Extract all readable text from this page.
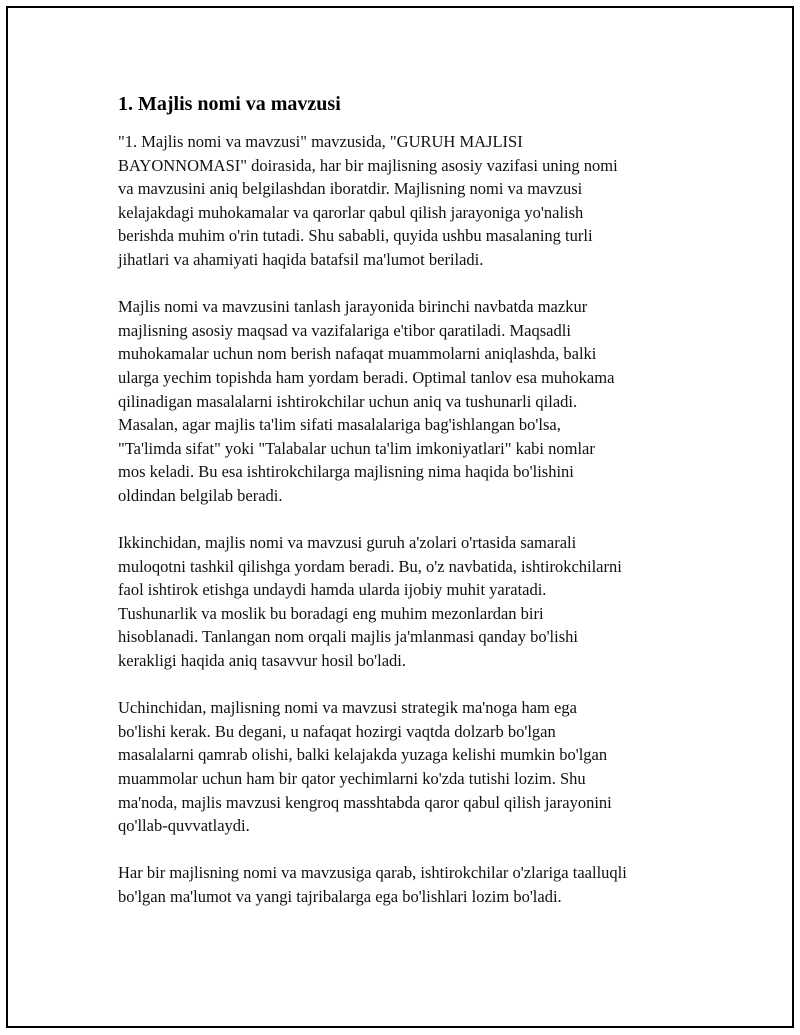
1. Majlis nomi va mavzusi

"1. Majlis nomi va mavzusi" mavzusida, "GURUH MAJLISI
BAYONNOMASI" doirasida, har bir majlisning asosiy vazifasi uning nomi
va mavzusini aniq belgilashdan iboratdir. Majlisning nomi va mavzusi
kelajakdagi muhokamalar va qarorlar qabul qilish jarayoniga yo'nalish
berishda muhim o'rin tutadi. Shu sababli, quyida ushbu masalaning turli
jihatlari va ahamiyati haqida batafsil ma'lumot beriladi.

Majlis nomi va mavzusini tanlash jarayonida birinchi navbatda mazkur
majlisning asosiy maqsad va vazifalariga e'tibor qaratiladi. Maqsadli
muhokamalar uchun nom berish nafaqat muammolarni aniqlashda, balki
ularga yechim topishda ham yordam beradi. Optimal tanlov esa muhokama
qilinadigan masalalarni ishtirokchilar uchun aniq va tushunarli qiladi.
Masalan, agar majlis ta'lim sifati masalalariga bag'ishlangan bo'lsa,
"Ta'limda sifat" yoki "Talabalar uchun ta'lim imkoniyatlari" kabi nomlar
mos keladi. Bu esa ishtirokchilarga majlisning nima haqida bo'lishini
oldindan belgilab beradi.

Ikkinchidan, majlis nomi va mavzusi guruh a'zolari o'rtasida samarali
muloqotni tashkil qilishga yordam beradi. Bu, o'z navbatida, ishtirokchilarni
faol ishtirok etishga undaydi hamda ularda ijobiy muhit yaratadi.
Tushunarlik va moslik bu boradagi eng muhim mezonlardan biri
hisoblanadi. Tanlangan nom orqali majlis ja'mlanmasi qanday bo'lishi
kerakligi haqida aniq tasavvur hosil bo'ladi.

Uchinchidan, majlisning nomi va mavzusi strategik ma'noga ham ega
bo'lishi kerak. Bu degani, u nafaqat hozirgi vaqtda dolzarb bo'lgan
masalalarni qamrab olishi, balki kelajakda yuzaga kelishi mumkin bo'lgan
muammolar uchun ham bir qator yechimlarni ko'zda tutishi lozim. Shu
ma'noda, majlis mavzusi kengroq masshtabda qaror qabul qilish jarayonini
qo'llab-quvvatlaydi.

Har bir majlisning nomi va mavzusiga qarab, ishtirokchilar o'zlariga taalluqli
bo'lgan ma'lumot va yangi tajribalarga ega bo'lishlari lozim bo'ladi.
